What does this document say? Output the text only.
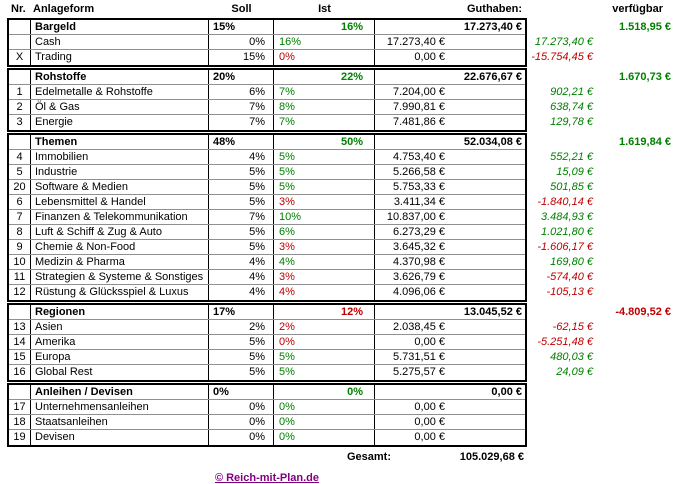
Nr. Anlageform	Soll	Ist	Guthaben:	verfügbar
Bargeld	15%	16%	17.273,40 €	1.518,95 €
Cash	0%	16%	17.273,40 €	17.273,40 €
X	Trading	15%	0%	0,00 €	-15.754,45 €
Rohstoffe	20%	22%	22.676,67 €	1.670,73 €
1	Edelmetalle & Rohstoffe	6%	7%	7.204,00 €	902,21 €
2	Öl & Gas	7%	8%	7.990,81 €	638,74 €
3	Energie	7%	7%	7.481,86 €	129,78 €
Themen	48%	50%	52.034,08 €	1.619,84 €
4	Immobilien	4%	5%	4.753,40 €	552,21 €
5	Industrie	5%	5%	5.266,58 €	15,09 €
20 Software & Medien	5%	5%	5.753,33 €	501,85 €
6	Lebensmittel & Handel	5%	3%	3.411,34 €	-1.840,14 €
7	Finanzen & Telekommunikation	7%	10%	10.837,00 €	3.484,93 €
8	Luft & Schiff & Zug & Auto	5%	6%	6.273,29 €	1.021,80 €
9	Chemie & Non-Food	5%	3%	3.645,32 €	-1.606,17 €
10 Medizin & Pharma	4%	4%	4.370,98 €	169,80 €
11 Strategien & Systeme & Sonstiges	4%	3%	3.626,79 €	-574,40 €
12 Rüstung & Glücksspiel & Luxus	4%	4%	4.096,06 €	-105,13 €
Regionen	17%	12%	13.045,52 €	-4.809,52 €
13 Asien	2%	2%	2.038,45 €	-62,15 €
14 Amerika	5%	0%	0,00 €	-5.251,48 €
15 Europa	5%	5%	5.731,51 €	480,03 €
16 Global Rest	5%	5%	5.275,57 €	24,09 €
Anleihen / Devisen	0%	0%	0,00 €
17 Unternehmensanleihen	0%	0%	0,00 €
18 Staatsanleihen	0%	0%	0,00 €
19 Devisen	0%	0%	0,00 €
Gesamt:	105.029,68 €
© Reich-mit-Plan.de
